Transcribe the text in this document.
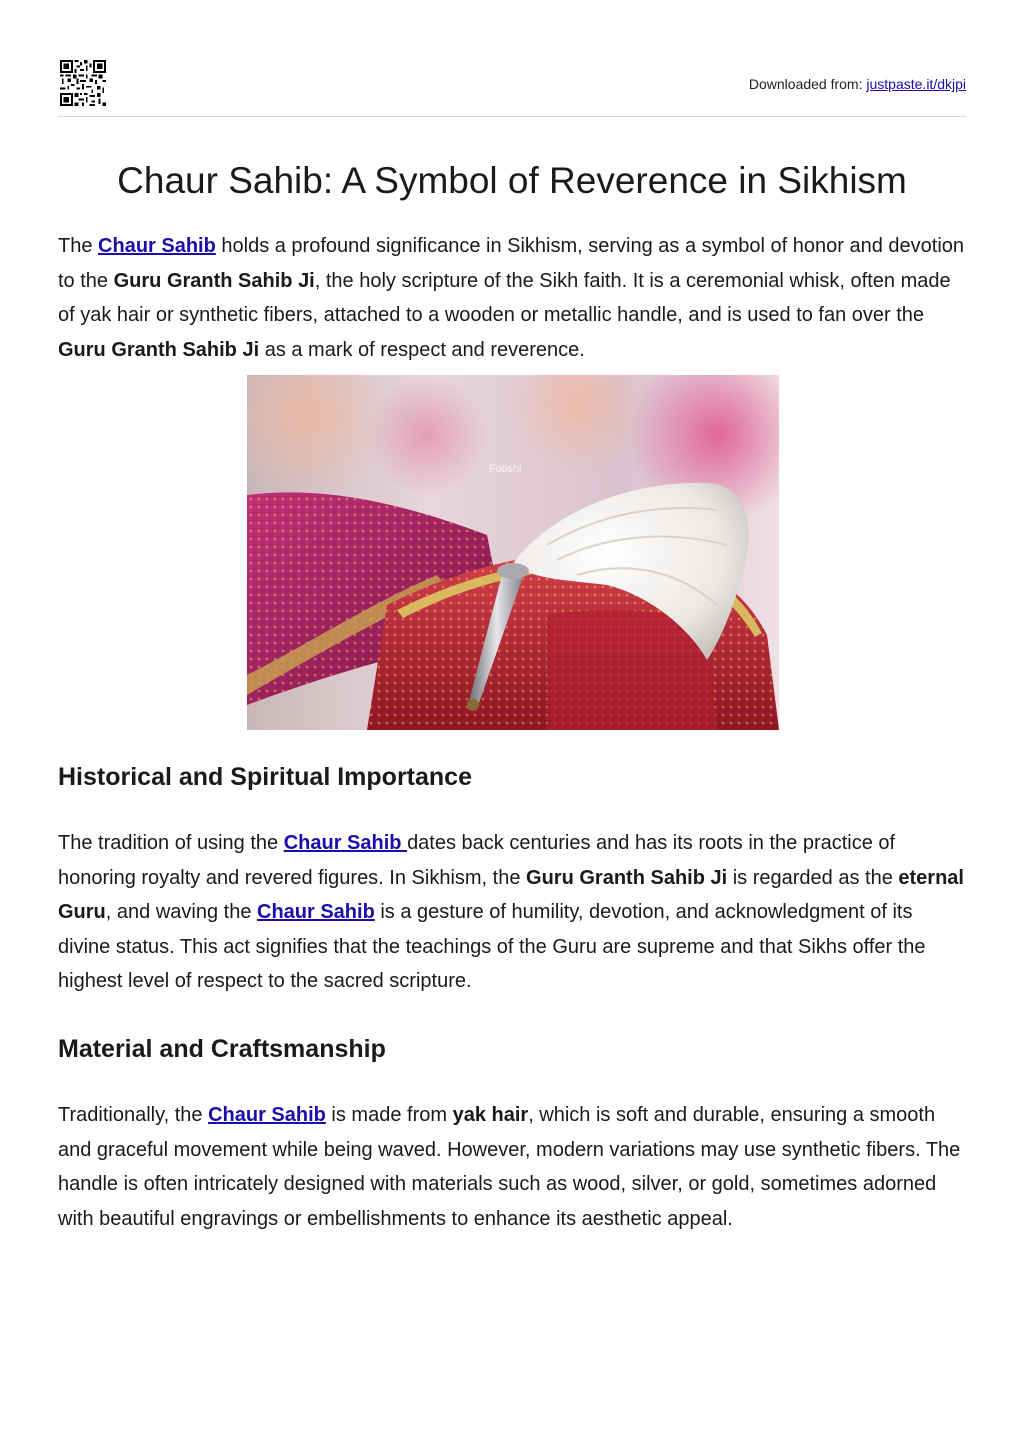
Downloaded from: justpaste.it/dkjpi
Chaur Sahib: A Symbol of Reverence in Sikhism

The Chaur Sahib holds a profound significance in Sikhism, serving as a symbol of honor and devotion to the Guru Granth Sahib Ji, the holy scripture of the Sikh faith. It is a ceremonial whisk, often made of yak hair or synthetic fibers, attached to a wooden or metallic handle, and is used to fan over the Guru Granth Sahib Ji as a mark of respect and reverence.

Fotishi
Historical and Spiritual Importance

The tradition of using the Chaur Sahib dates back centuries and has its roots in the practice of honoring royalty and revered figures. In Sikhism, the Guru Granth Sahib Ji is regarded as the eternal Guru, and waving the Chaur Sahib is a gesture of humility, devotion, and acknowledgment of its divine status. This act signifies that the teachings of the Guru are supreme and that Sikhs offer the highest level of respect to the sacred scripture.

Material and Craftsmanship

Traditionally, the Chaur Sahib is made from yak hair, which is soft and durable, ensuring a smooth and graceful movement while being waved. However, modern variations may use synthetic fibers. The handle is often intricately designed with materials such as wood, silver, or gold, sometimes adorned with beautiful engravings or embellishments to enhance its aesthetic appeal.
